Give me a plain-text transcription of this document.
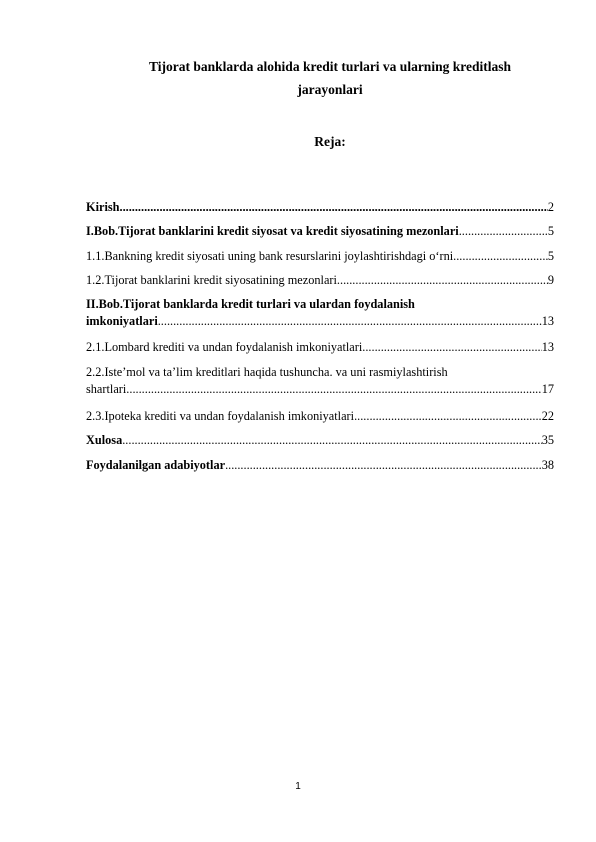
Tijorat banklarda alohida kredit turlari va ularning kreditlash
jarayonlari
Reja:
Kirish. .....	2
I.Bob.Tijorat banklarini kredit siyosat va kredit siyosatining mezonlari .....	5
1.1.Bankning kredit siyosati uning bank resurslarini joylashtirishdagi o‘rni. .....	5
1.2.Tijorat banklarini kredit siyosatining mezonlari .....	9
II.Bob.Tijorat banklarda kredit turlari va ulardan foydalanish
imkoniyatlari .....	13
2.1.Lombard krediti va undan foydalanish imkoniyatlari .....	13
2.2.Iste’mol va ta’lim kreditlari haqida tushuncha. va uni rasmiylashtirish
shartlari .....	17
2.3.Ipoteka krediti va undan foydalanish imkoniyatlari .....	22
Xulosa .....	35
Foydalanilgan adabiyotlar .....	38
1
